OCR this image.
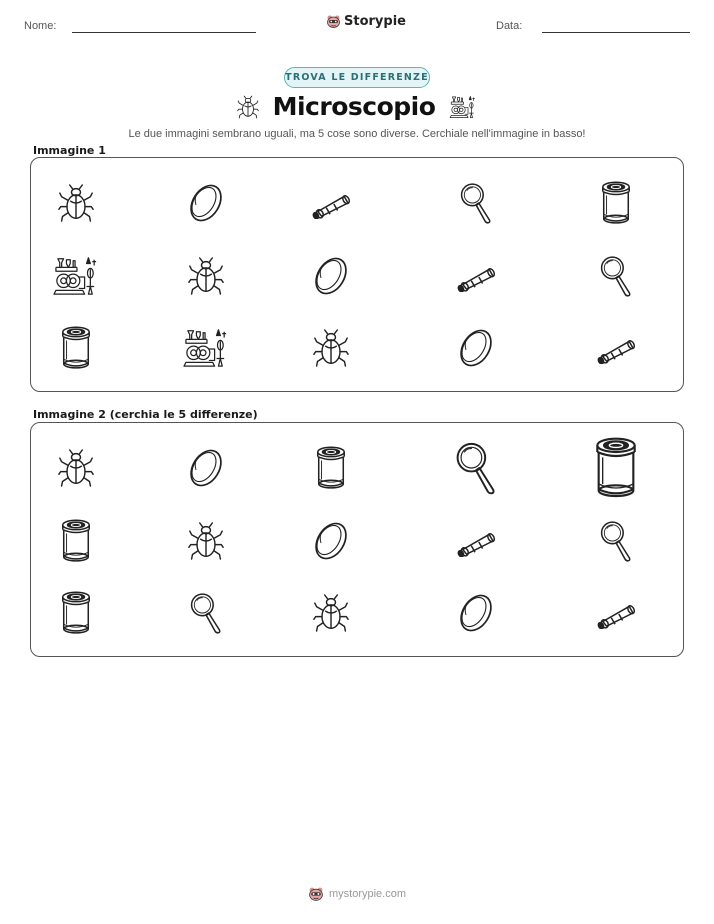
Nome:	Storypie	Data:
TROVA LE DIFFERENZE
Microscopio
Le due immagini sembrano uguali, ma 5 cose sono diverse. Cerchiale nell'immagine in basso!
Immagine 1
Immagine 2 (cerchia le 5 differenze)
mystorypie.com
